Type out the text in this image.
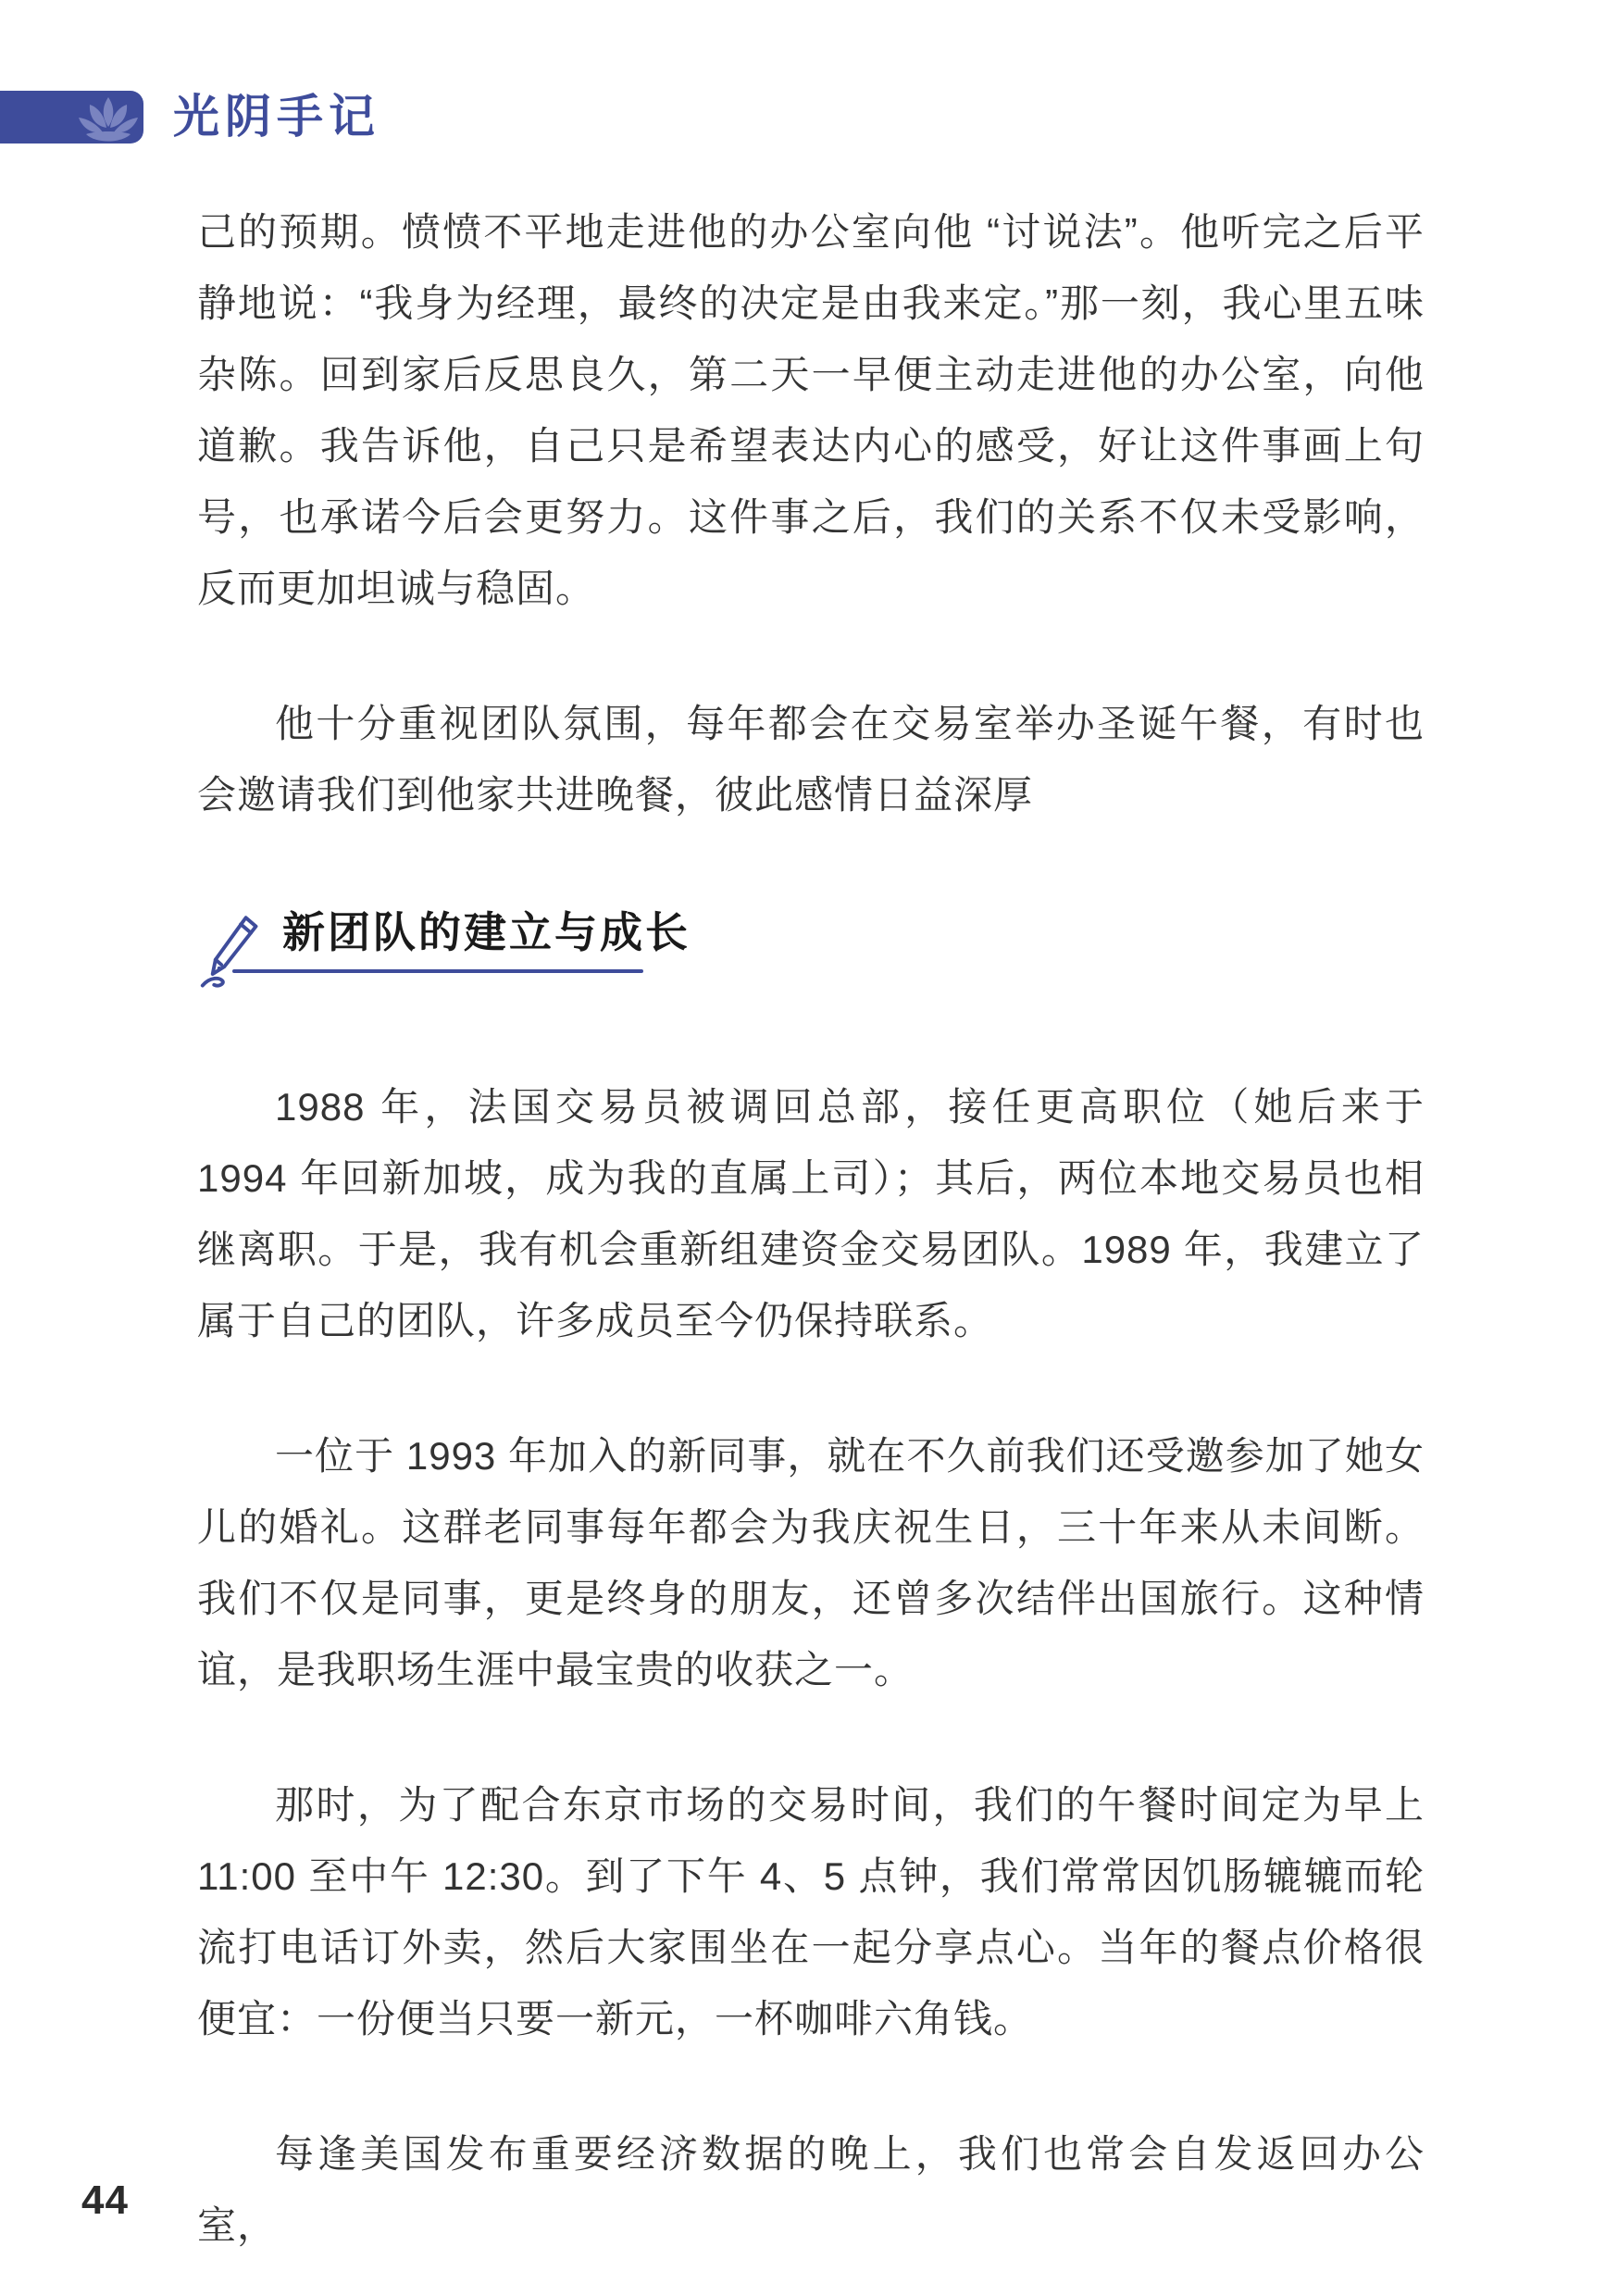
光阴手记

己的预期。愤愤不平地走进他的办公室向他 “讨说法”。他听完之后平静地说：“我身为经理，最终的决定是由我来定。”那一刻，我心里五味杂陈。回到家后反思良久，第二天一早便主动走进他的办公室，向他道歉。我告诉他，自己只是希望表达内心的感受，好让这件事画上句号，也承诺今后会更努力。这件事之后，我们的关系不仅未受影响，反而更加坦诚与稳固。

他十分重视团队氛围，每年都会在交易室举办圣诞午餐，有时也会邀请我们到他家共进晚餐，彼此感情日益深厚

新团队的建立与成长

1988 年，法国交易员被调回总部，接任更高职位（她后来于 1994 年回新加坡，成为我的直属上司）；其后，两位本地交易员也相继离职。于是，我有机会重新组建资金交易团队。1989 年，我建立了属于自己的团队，许多成员至今仍保持联系。

一位于 1993 年加入的新同事，就在不久前我们还受邀参加了她女儿的婚礼。这群老同事每年都会为我庆祝生日，三十年来从未间断。我们不仅是同事，更是终身的朋友，还曾多次结伴出国旅行。这种情谊，是我职场生涯中最宝贵的收获之一。

那时，为了配合东京市场的交易时间，我们的午餐时间定为早上 11:00 至中午 12:30。到了下午 4、5 点钟，我们常常因饥肠辘辘而轮流打电话订外卖，然后大家围坐在一起分享点心。当年的餐点价格很便宜：一份便当只要一新元，一杯咖啡六角钱。

每逢美国发布重要经济数据的晚上，我们也常会自发返回办公室，

44
